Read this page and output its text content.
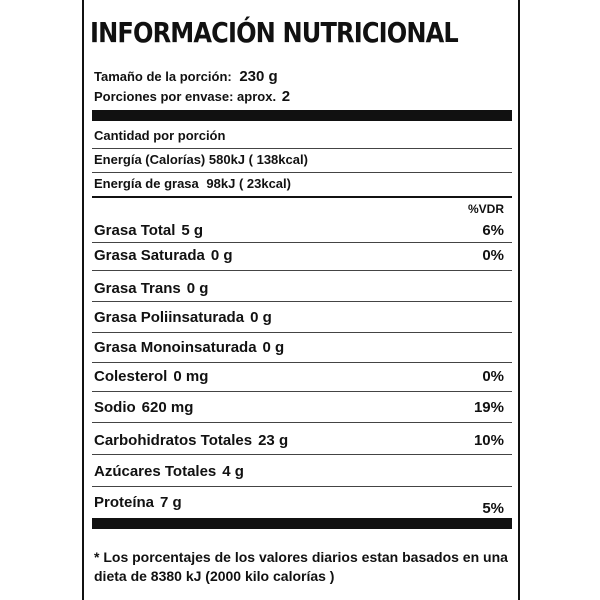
INFORMACIÓN NUTRICIONAL
Tamaño de la porción: 230 g
Porciones por envase: aprox. 2
Cantidad por porción
Energía (Calorías) 580kJ ( 138kcal)
Energía de grasa 98kJ ( 23kcal)
%VDR
Grasa Total 5 g	6%
Grasa Saturada 0 g	0%
Grasa Trans 0 g
Grasa Poliinsaturada 0 g
Grasa Monoinsaturada 0 g
Colesterol 0 mg	0%
Sodio 620 mg	19%
Carbohidratos Totales 23 g	10%
Azúcares Totales 4 g
Proteína 7 g	5%
* Los porcentajes de los valores diarios estan basados en una dieta de 8380 kJ (2000 kilo calorías )
